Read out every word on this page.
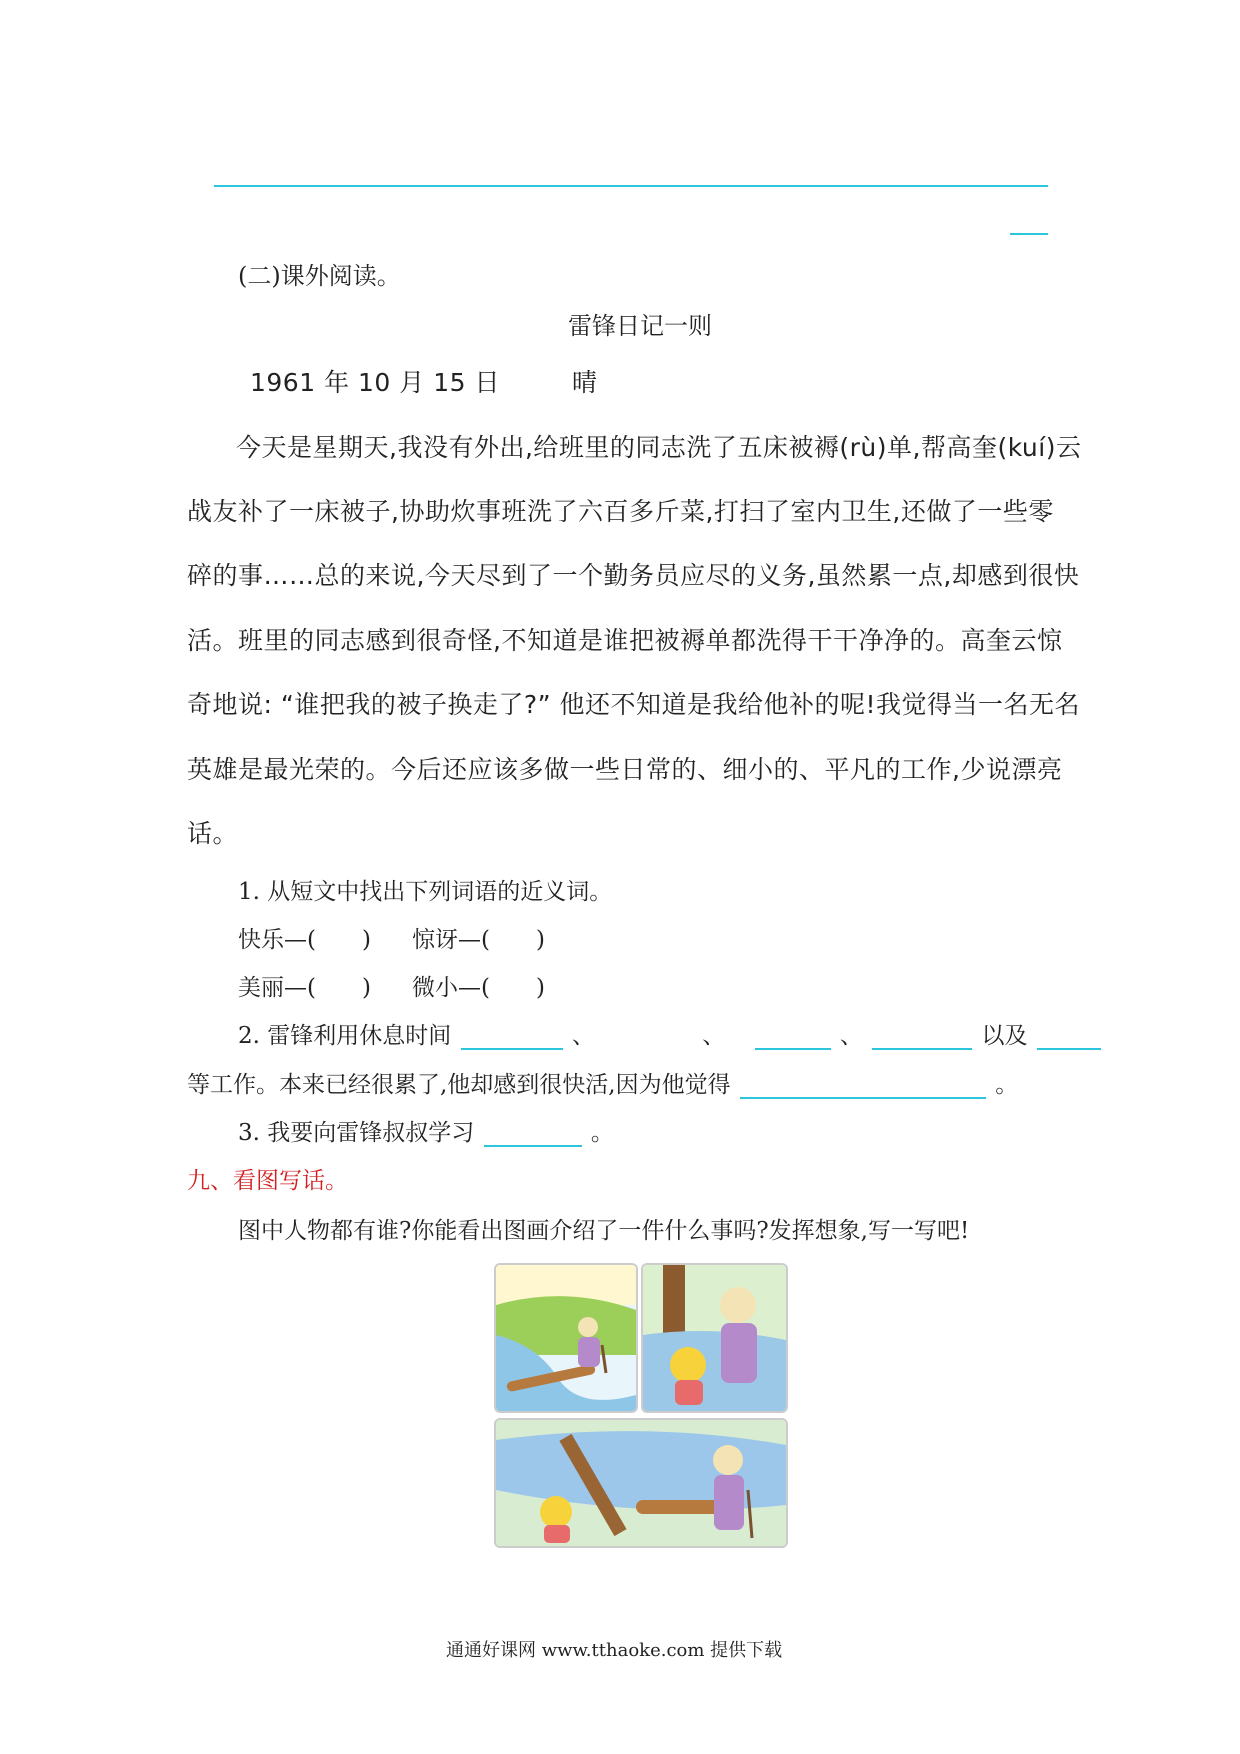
(二)课外阅读。
雷锋日记一则
1961 年 10 月 15 日	晴
今天是星期天,我没有外出,给班里的同志洗了五床被褥(rù)单,帮高奎(kuí)云
战友补了一床被子,协助炊事班洗了六百多斤菜,打扫了室内卫生,还做了一些零
碎的事……总的来说,今天尽到了一个勤务员应尽的义务,虽然累一点,却感到很快
活。班里的同志感到很奇怪,不知道是谁把被褥单都洗得干干净净的。高奎云惊
奇地说: “谁把我的被子换走了?” 他还不知道是我给他补的呢!我觉得当一名无名
英雄是最光荣的。今后还应该多做一些日常的、细小的、平凡的工作,少说漂亮
话。
1. 从短文中找出下列词语的近义词。
快乐—(　　) 惊讶—(　　)
美丽—(　　) 微小—(　　)
2. 雷锋利用休息时间	、	、	、	以及
等工作。本来已经很累了,他却感到很快活,因为他觉得	。
3. 我要向雷锋叔叔学习	。
九、看图写话。
图中人物都有谁?你能看出图画介绍了一件什么事吗?发挥想象,写一写吧!
通通好课网 www.tthaoke.com 提供下载
